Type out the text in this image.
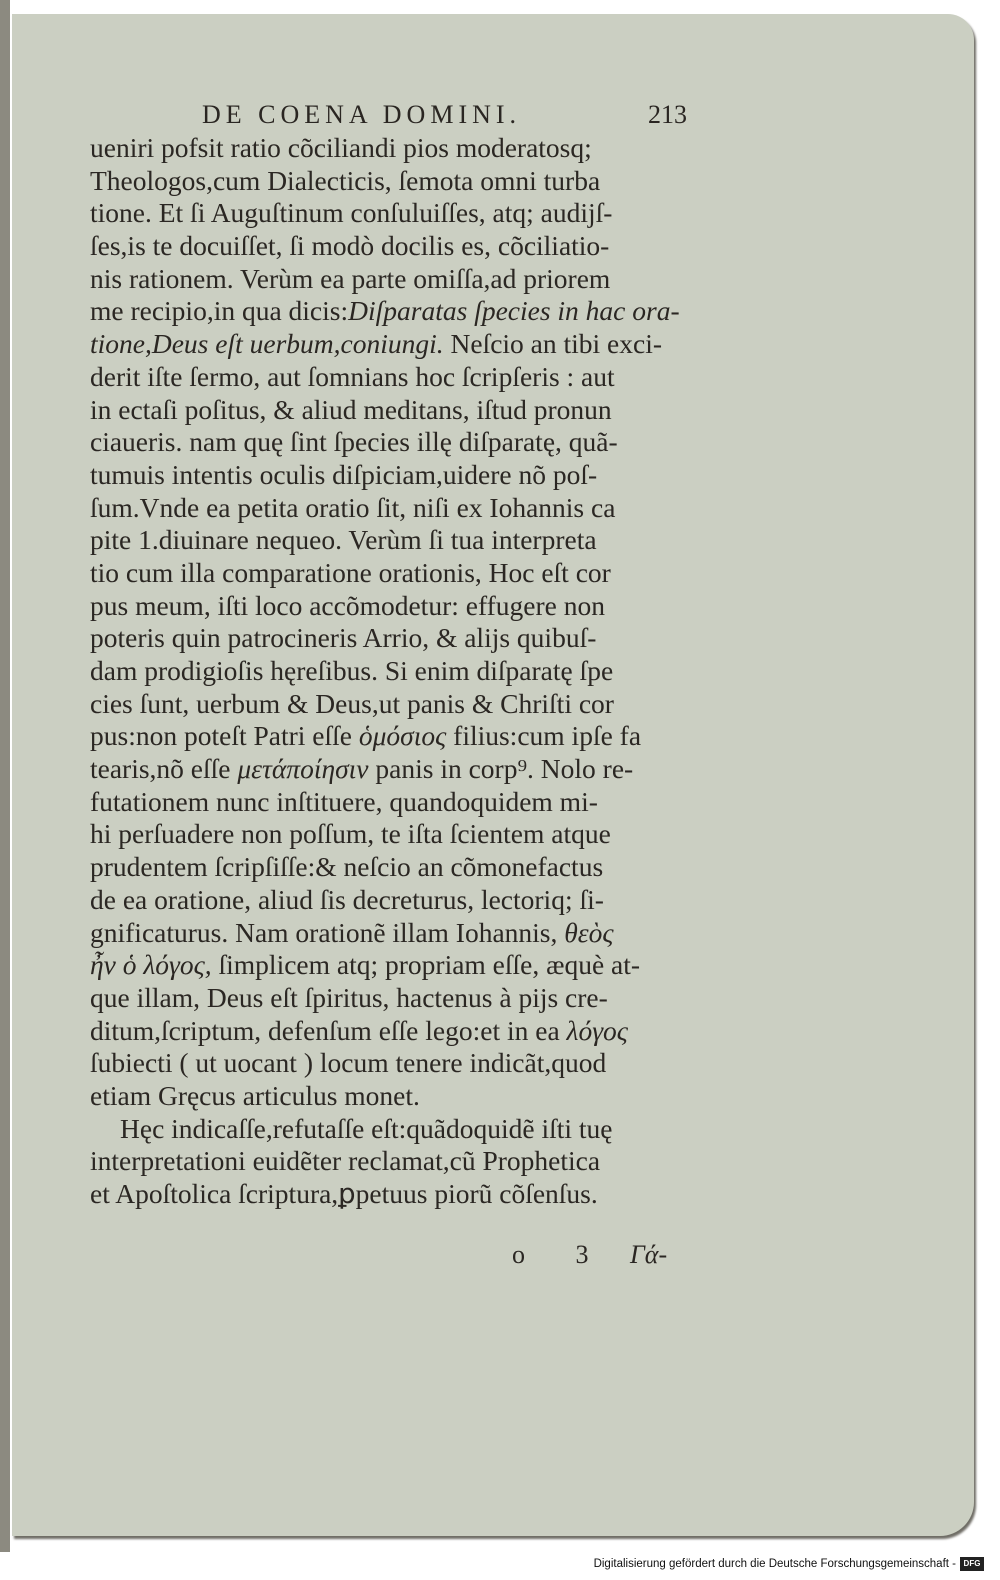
DE COENA DOMINI.	213
ueniri pofsit ratio cõciliandi pios moderatosq;
Theologos,cum Dialecticis, ſemota omni turba
tione. Et ſi Auguſtinum conſuluiſſes, atq; audijſ-
ſes,is te docuiſſet, ſi modò docilis es, cõciliatio-
nis rationem. Verùm ea parte omiſſa,ad priorem
me recipio,in qua dicis:Diſparatas ſpecies in hac ora-
tione,Deus eſt uerbum,coniungi. Neſcio an tibi exci-
derit iſte ſermo, aut ſomnians hoc ſcripſeris : aut
in ectaſi poſitus, & aliud meditans, iſtud pronun
ciaueris. nam quę ſint ſpecies illę diſparatę, quã-
tumuis intentis oculis diſpiciam,uidere nõ poſ-
ſum.Vnde ea petita oratio ſit, niſi ex Iohannis ca
pite 1.diuinare nequeo. Verùm ſi tua interpreta
tio cum illa comparatione orationis, Hoc eſt cor
pus meum, iſti loco accõmodetur: effugere non
poteris quin patrocineris Arrio, & alijs quibuſ-
dam prodigioſis hęreſibus. Si enim diſparatę ſpe
cies ſunt, uerbum & Deus,ut panis & Chriſti cor
pus:non poteſt Patri eſſe ὁμόσιος filius:cum ipſe fa
tearis,nõ eſſe μετάποίησιν panis in corp⁹. Nolo re-
futationem nunc inſtituere, quandoquidem mi-
hi perſuadere non poſſum, te iſta ſcientem atque
prudentem ſcripſiſſe:& neſcio an cõmonefactus
de ea oratione, aliud ſis decreturus, lectoriq; ſi-
gnificaturus. Nam orationẽ illam Iohannis, θεὸς
ἦν ὁ λόγος, ſimplicem atq; propriam eſſe, æquè at-
que illam, Deus eſt ſpiritus, hactenus à pijs cre-
ditum,ſcriptum, defenſum eſſe lego:et in ea λόγος
ſubiecti ( ut uocant ) locum tenere indicãt,quod
etiam Gręcus articulus monet.
Hęc indicaſſe,refutaſſe eſt:quãdoquidẽ iſti tuę
interpretationi euidẽter reclamat,cũ Prophetica
et Apoſtolica ſcriptura,ꝑpetuus piorũ cõſenſus.
o 3 Γά-
Digitalisierung gefördert durch die Deutsche Forschungsgemeinschaft - DFG
